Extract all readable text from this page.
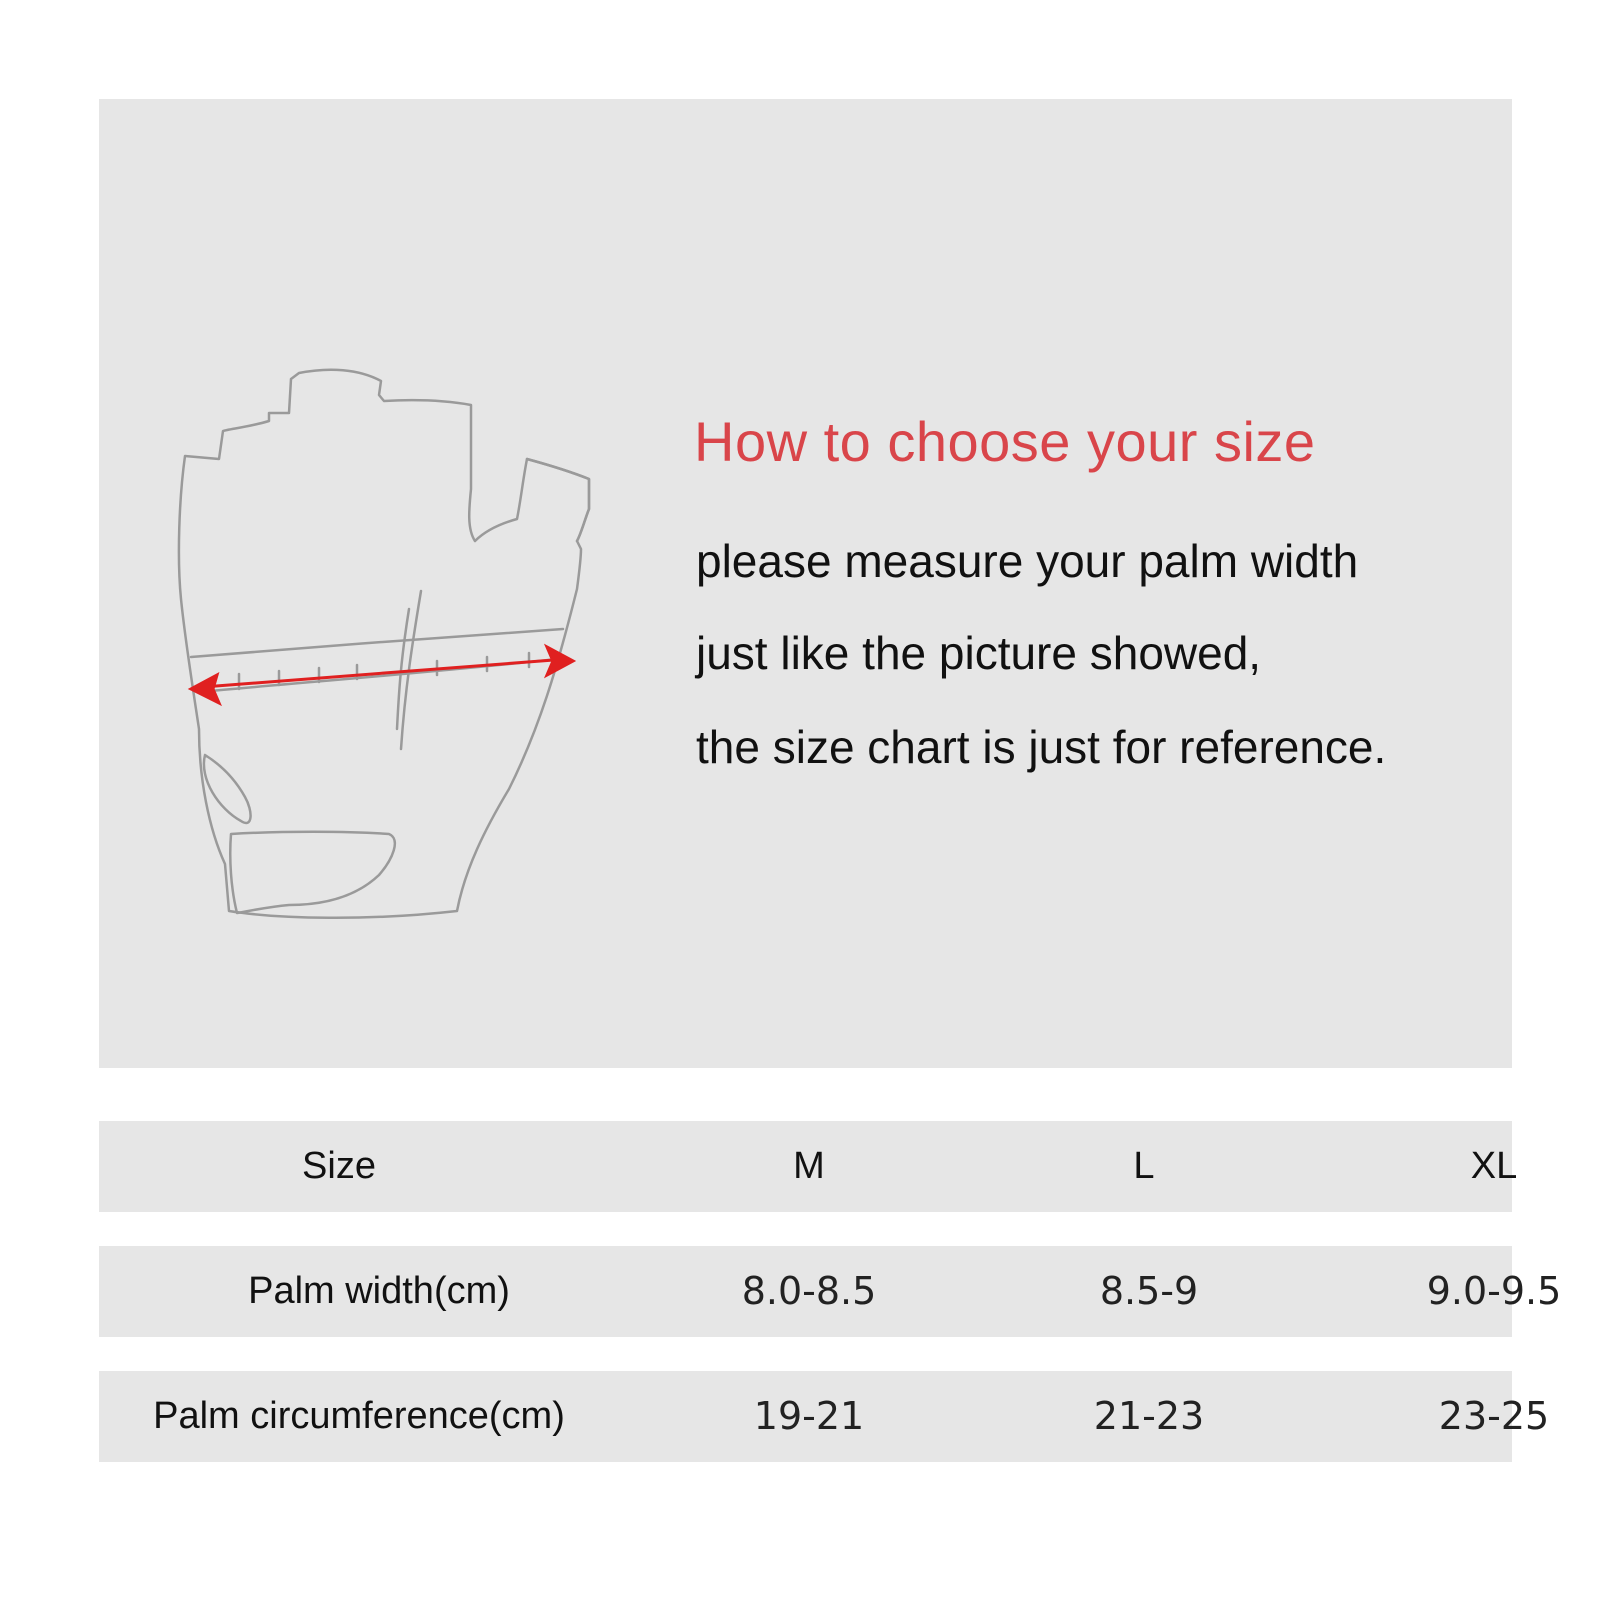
How to choose your size

please measure your palm width

just like the picture showed,

the size chart is just for reference.

Size	M	L	XL
Palm width(cm)	8.0-8.5	8.5-9	9.0-9.5
Palm circumference(cm)	19-21	21-23	23-25
